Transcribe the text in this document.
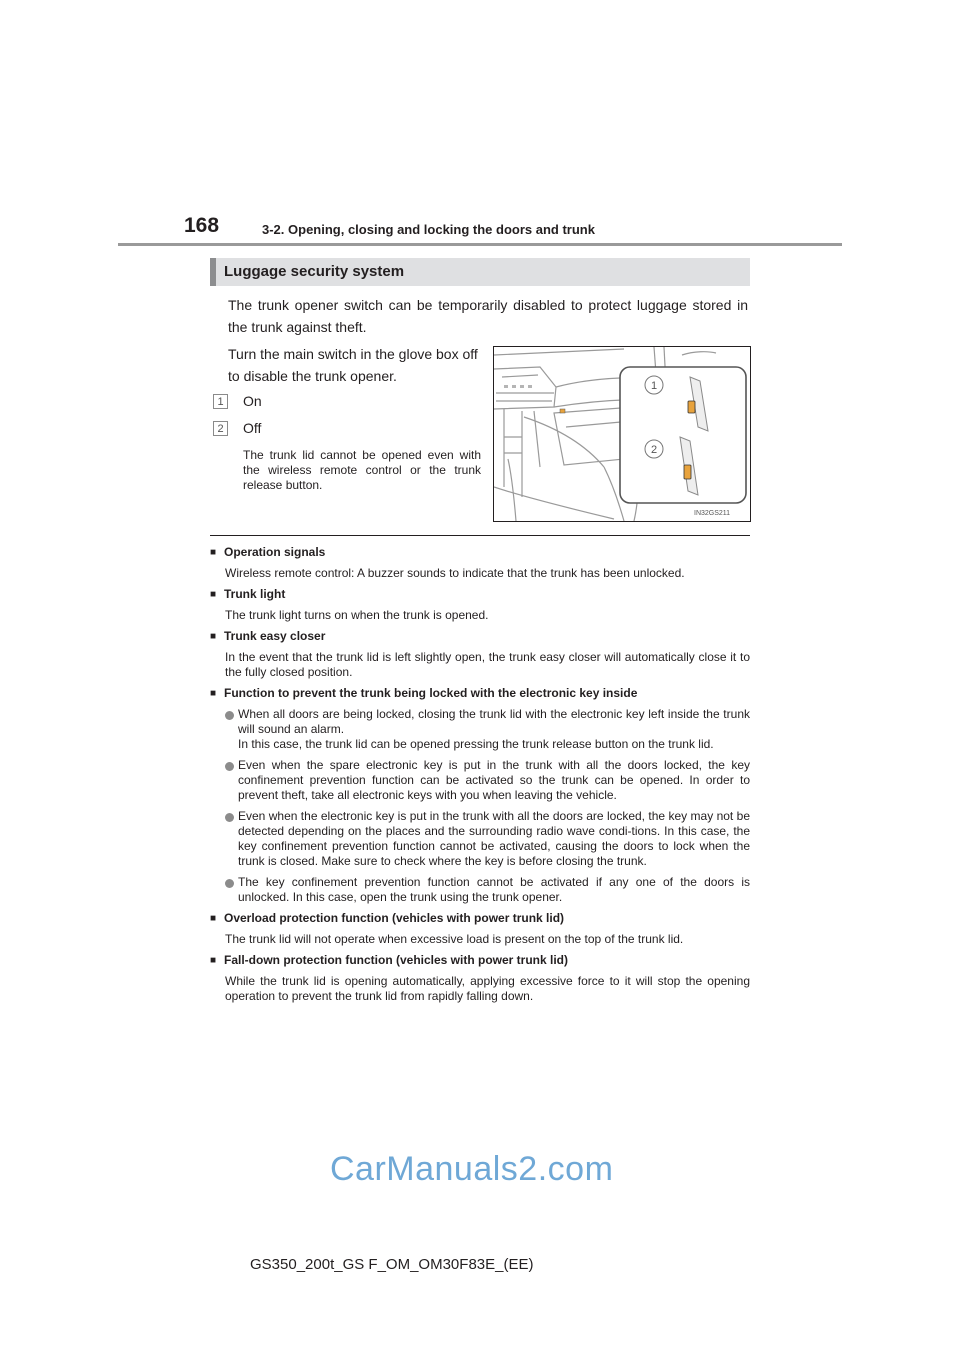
168	3-2. Opening, closing and locking the doors and trunk
Luggage security system
The trunk opener switch can be temporarily disabled to protect luggage stored in the trunk against theft.
Turn the main switch in the glove box off to disable the trunk opener.
1	On
2	Off
The trunk lid cannot be opened even with the wireless remote control or the trunk release button.
1
2
IN32GS211
■ Operation signals
Wireless remote control: A buzzer sounds to indicate that the trunk has been unlocked.
■ Trunk light
The trunk light turns on when the trunk is opened.
■ Trunk easy closer
In the event that the trunk lid is left slightly open, the trunk easy closer will automatically close it to the fully closed position.
■ Function to prevent the trunk being locked with the electronic key inside
When all doors are being locked, closing the trunk lid with the electronic key left inside the trunk will sound an alarm.
In this case, the trunk lid can be opened pressing the trunk release button on the trunk lid.
Even when the spare electronic key is put in the trunk with all the doors locked, the key confinement prevention function can be activated so the trunk can be opened. In order to prevent theft, take all electronic keys with you when leaving the vehicle.
Even when the electronic key is put in the trunk with all the doors are locked, the key may not be detected depending on the places and the surrounding radio wave condi-tions. In this case, the key confinement prevention function cannot be activated, causing the doors to lock when the trunk is closed. Make sure to check where the key is before closing the trunk.
The key confinement prevention function cannot be activated if any one of the doors is unlocked. In this case, open the trunk using the trunk opener.
■ Overload protection function (vehicles with power trunk lid)
The trunk lid will not operate when excessive load is present on the top of the trunk lid.
■ Fall-down protection function (vehicles with power trunk lid)
While the trunk lid is opening automatically, applying excessive force to it will stop the opening operation to prevent the trunk lid from rapidly falling down.
CarManuals2.com
GS350_200t_GS F_OM_OM30F83E_(EE)
